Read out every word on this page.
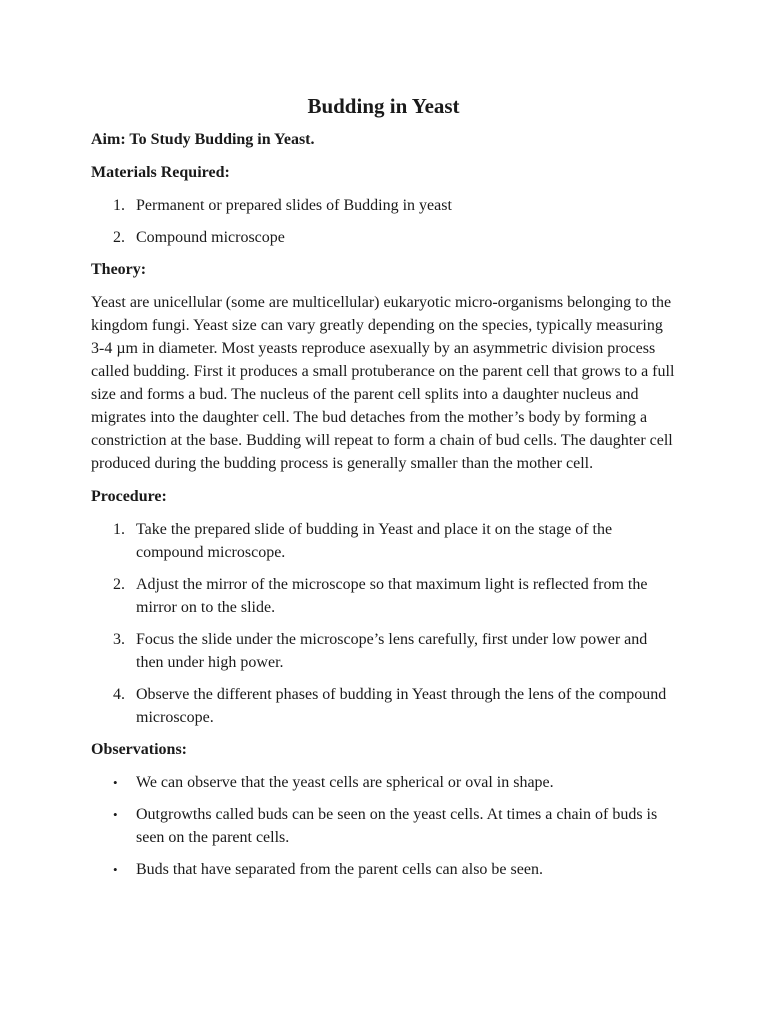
Budding in Yeast
Aim: To Study Budding in Yeast.
Materials Required:
1. Permanent or prepared slides of Budding in yeast
2. Compound microscope
Theory:

Yeast are unicellular (some are multicellular) eukaryotic micro-organisms belonging to the kingdom fungi. Yeast size can vary greatly depending on the species, typically measuring 3-4 µm in diameter. Most yeasts reproduce asexually by an asymmetric division process called budding. First it produces a small protuberance on the parent cell that grows to a full size and forms a bud. The nucleus of the parent cell splits into a daughter nucleus and migrates into the daughter cell. The bud detaches from the mother’s body by forming a constriction at the base. Budding will repeat to form a chain of bud cells. The daughter cell produced during the budding process is generally smaller than the mother cell.

Procedure:
1. Take the prepared slide of budding in Yeast and place it on the stage of the compound microscope.
2. Adjust the mirror of the microscope so that maximum light is reflected from the mirror on to the slide.
3. Focus the slide under the microscope’s lens carefully, first under low power and then under high power.
4. Observe the different phases of budding in Yeast through the lens of the compound microscope.
Observations:
• We can observe that the yeast cells are spherical or oval in shape.
• Outgrowths called buds can be seen on the yeast cells. At times a chain of buds is seen on the parent cells.
• Buds that have separated from the parent cells can also be seen.
